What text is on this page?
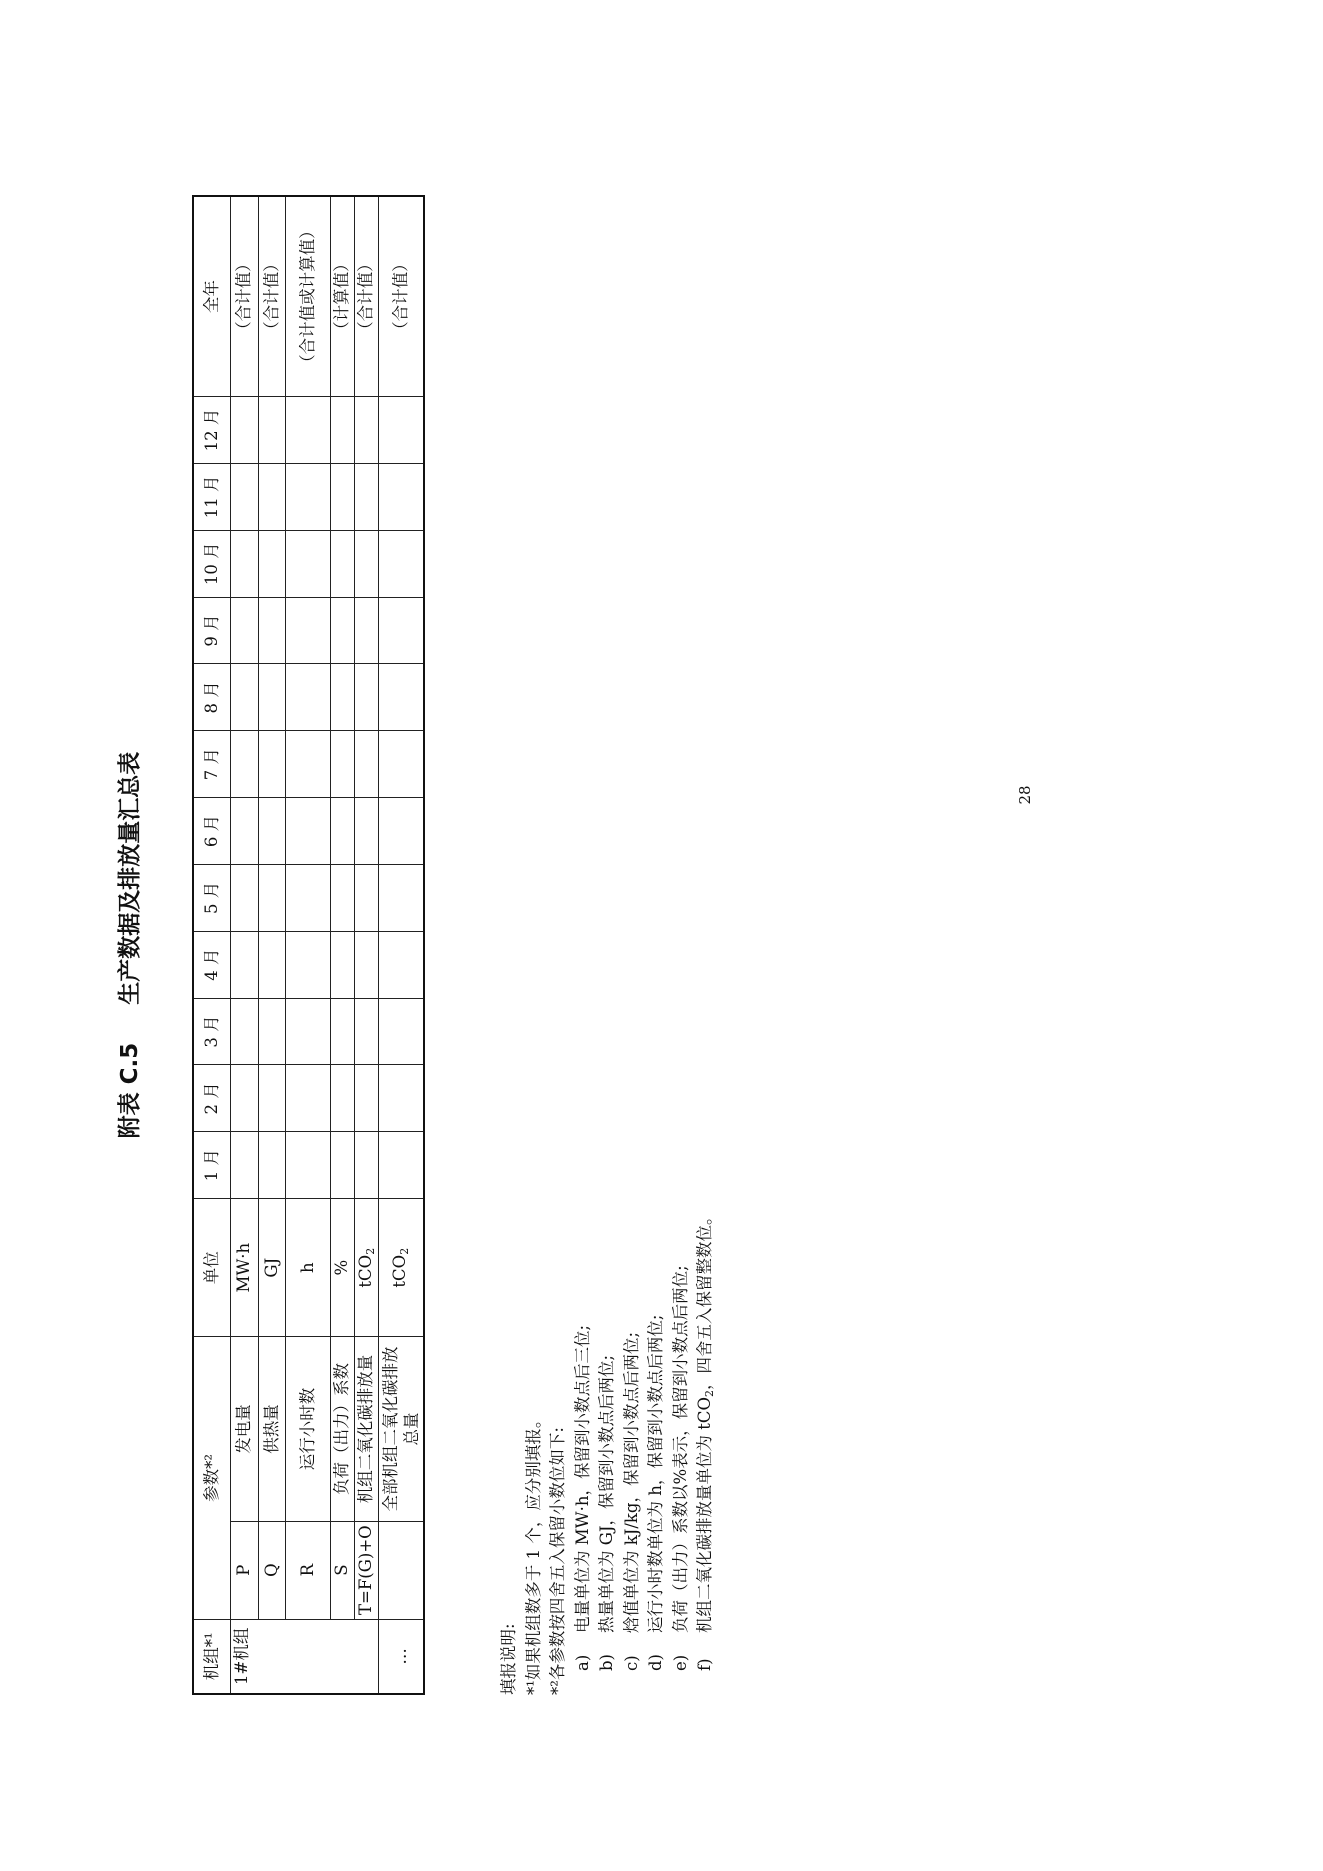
附表 C.5生产数据及排放量汇总表
机组*¹	参数*²		单位	1 月	2 月	3 月	4 月	5 月	6 月	7 月	8 月	9 月	10 月	11 月	12 月	全年
1#机组	P	发电量	MW·h													（合计值）
	Q	供热量	GJ													（合计值）
	R	运行小时数	h													（合计值或计算值）
	S	负荷（出力）系数	%													（计算值）
	T=F(G)+O	机组二氧化碳排放量	tCO$_2$													（合计值）
…		全部机组二氧化碳排放总量	tCO$_2$													（合计值）
填报说明: *¹如果机组数多于 1 个，应分别填报。 *²各参数按四舍五入保留小数位如下: a)电量单位为 MW·h，保留到小数点后三位;
b)热量单位为 GJ，保留到小数点后两位;
c)焓值单位为 kJ/kg，保留到小数点后两位;
d)运行小时数单位为 h，保留到小数点后两位;
e)负荷（出力）系数以%表示，保留到小数点后两位;
f)机组二氧化碳排放量单位为 tCO$_2$，四舍五入保留整数位。
28
